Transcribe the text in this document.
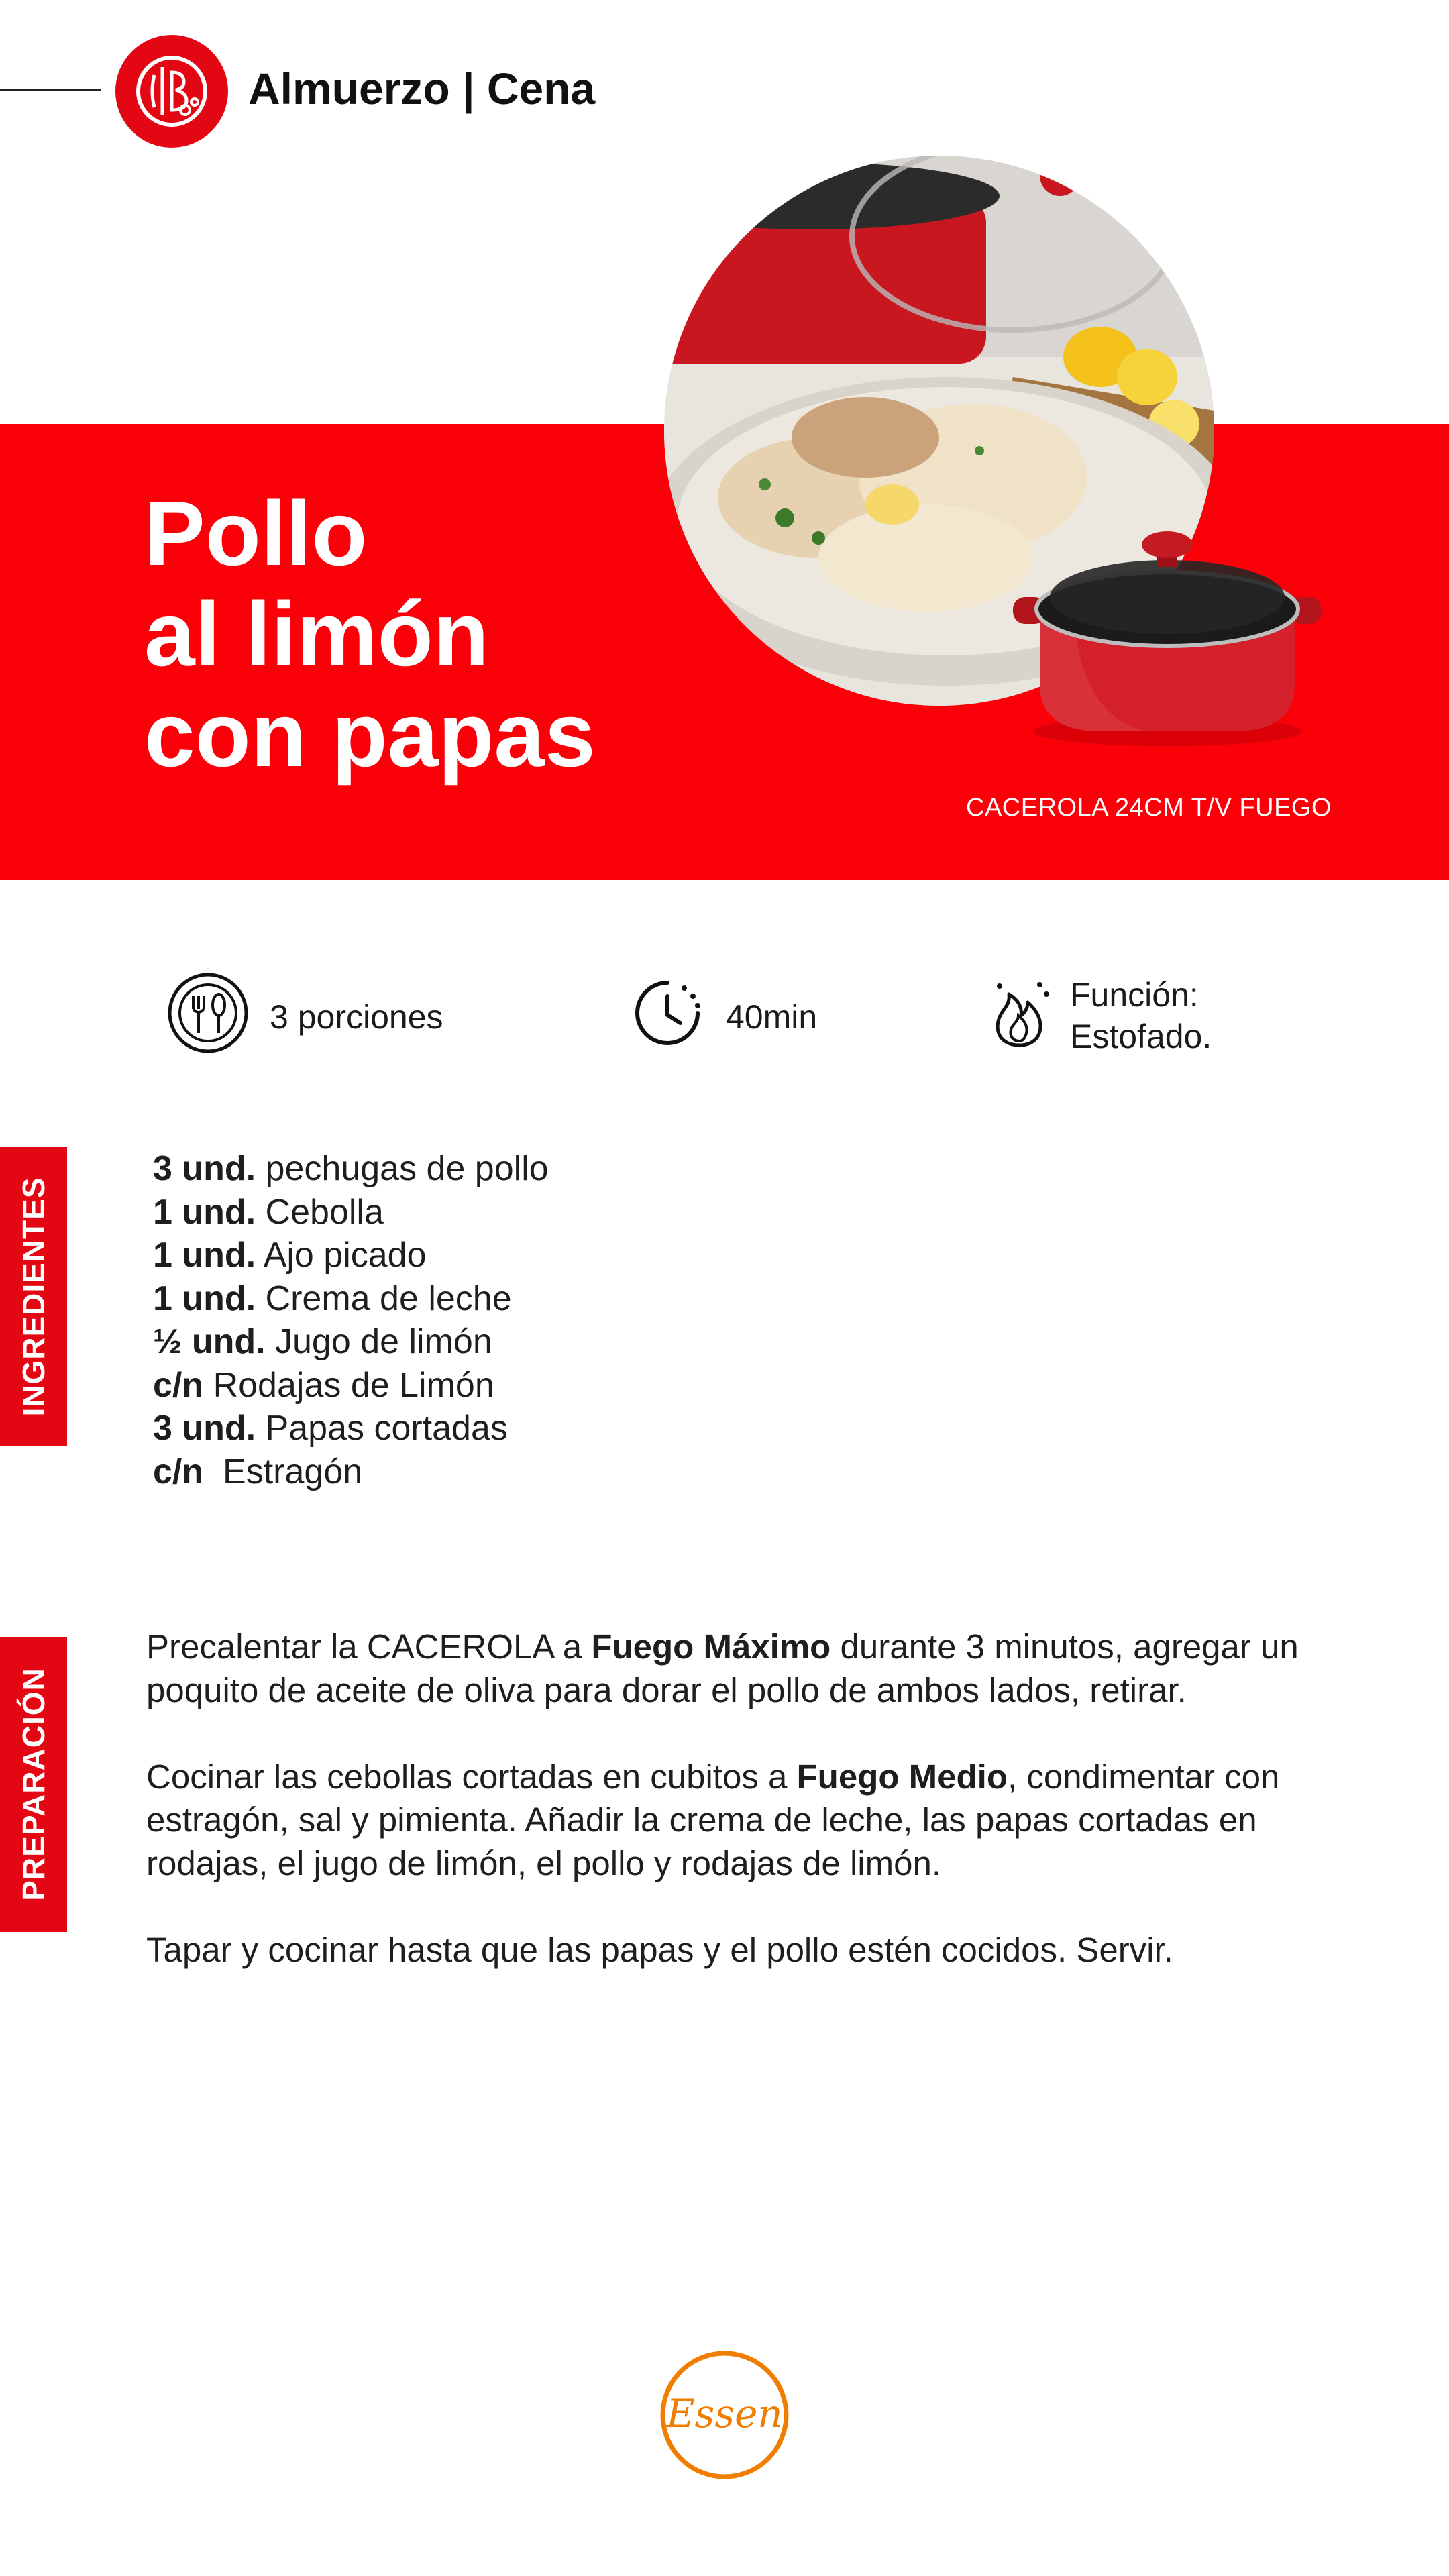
Almuerzo | Cena
Pollo
al limón
con papas
CACEROLA 24CM T/V FUEGO
3 porciones	40min
Función:
Estofado.
INGREDIENTES
3 und. pechugas de pollo
1 und. Cebolla
1 und. Ajo picado
1 und. Crema de leche
½ und. Jugo de limón
c/n Rodajas de Limón
3 und. Papas cortadas
c/n  Estragón
PREPARACIÓN

Precalentar la CACEROLA a Fuego Máximo durante 3 minutos, agregar un poquito de aceite de oliva para dorar el pollo de ambos lados, retirar.

Cocinar las cebollas cortadas en cubitos a Fuego Medio, condimentar con estragón, sal y pimienta. Añadir la crema de leche, las papas cortadas en rodajas, el jugo de limón, el pollo y rodajas de limón.

Tapar y cocinar hasta que las papas y el pollo estén cocidos. Servir.

Essen
